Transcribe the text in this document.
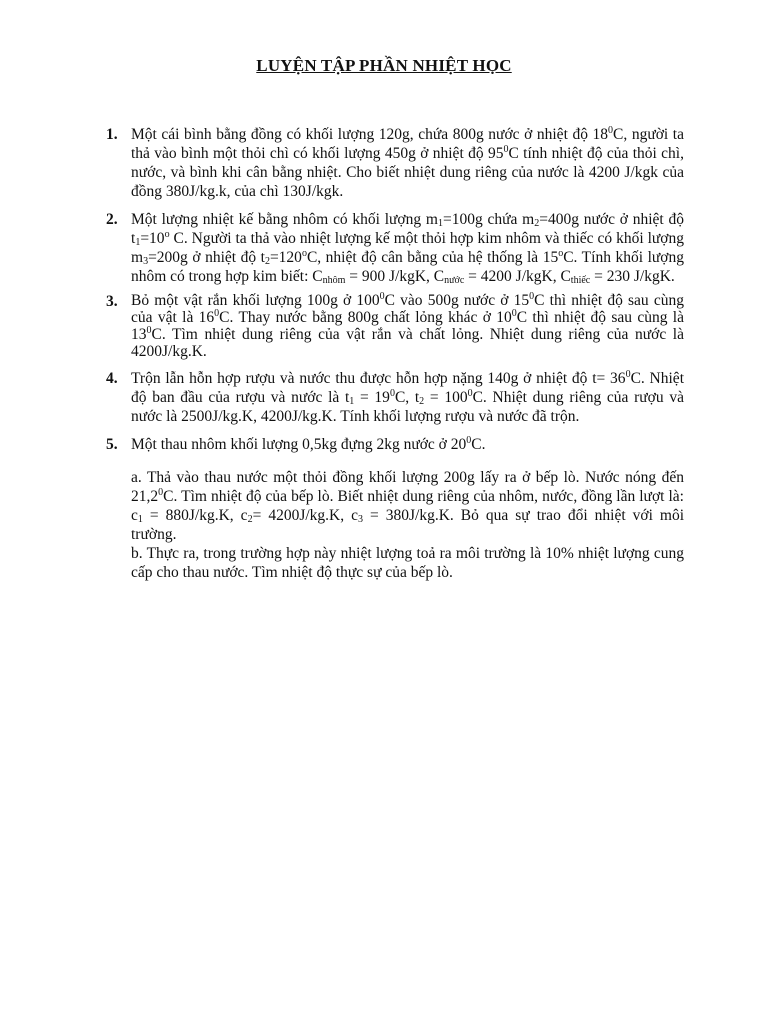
LUYỆN TẬP PHẦN NHIỆT HỌC
1. Một cái bình bằng đồng có khối lượng 120g, chứa 800g nước ở nhiệt độ $18^0C$, người ta thả vào bình một thỏi chì có khối lượng 450g ở nhiệt độ $95^0C$ tính nhiệt độ của thỏi chì, nước, và bình khi cân bằng nhiệt. Cho biết nhiệt dung riêng của nước là 4200 J/kgk của đồng 380J/kg.k, của chì 130J/kgk.
2. Một lượng nhiệt kế bằng nhôm có khối lượng $m_1=100g$ chứa $m_2=400g$ nước ở nhiệt độ $t_1=10^o$ C. Người ta thả vào nhiệt lượng kế một thỏi hợp kim nhôm và thiếc có khối lượng $m_3=200g$ ở nhiệt độ $t_2=120^oC$, nhiệt độ cân bằng của hệ thống là 15$^o$C. Tính khối lượng nhôm có trong hợp kim biết: $C_{nhôm} = 900$ J/kgK, $C_{nước} = 4200$ J/kgK, $C_{thiếc} = 230$ J/kgK.
3. Bỏ một vật rắn khối lượng 100g ở $100^0C$ vào 500g nước ở $15^0C$ thì nhiệt độ sau cùng của vật là $16^0C$. Thay nước bằng 800g chất lỏng khác ở $10^0C$ thì nhiệt độ sau cùng là $13^0C$. Tìm nhiệt dung riêng của vật rắn và chất lỏng. Nhiệt dung riêng của nước là 4200J/kg.K.
4. Trộn lẫn hỗn hợp rượu và nước thu được hỗn hợp nặng 140g ở nhiệt độ $t= 36^0C$. Nhiệt độ ban đầu của rượu và nước là $t_1 = 19^0C$, $t_2 = 100^0C$. Nhiệt dung riêng của rượu và nước là 2500J/kg.K, 4200J/kg.K. Tính khối lượng rượu và nước đã trộn.
5. Một thau nhôm khối lượng 0,5kg đựng 2kg nước ở $20^0C$.

a. Thả vào thau nước một thỏi đồng khối lượng 200g lấy ra ở bếp lò. Nước nóng đến 21,2$^0$C. Tìm nhiệt độ của bếp lò. Biết nhiệt dung riêng của nhôm, nước, đồng lần lượt là: $c_1 = 880J/kg.K$, $c_2= 4200J/kg.K$, $c_3 = 380J/kg.K$. Bỏ qua sự trao đổi nhiệt với môi trường.

b. Thực ra, trong trường hợp này nhiệt lượng toả ra môi trường là 10% nhiệt lượng cung cấp cho thau nước. Tìm nhiệt độ thực sự của bếp lò.
